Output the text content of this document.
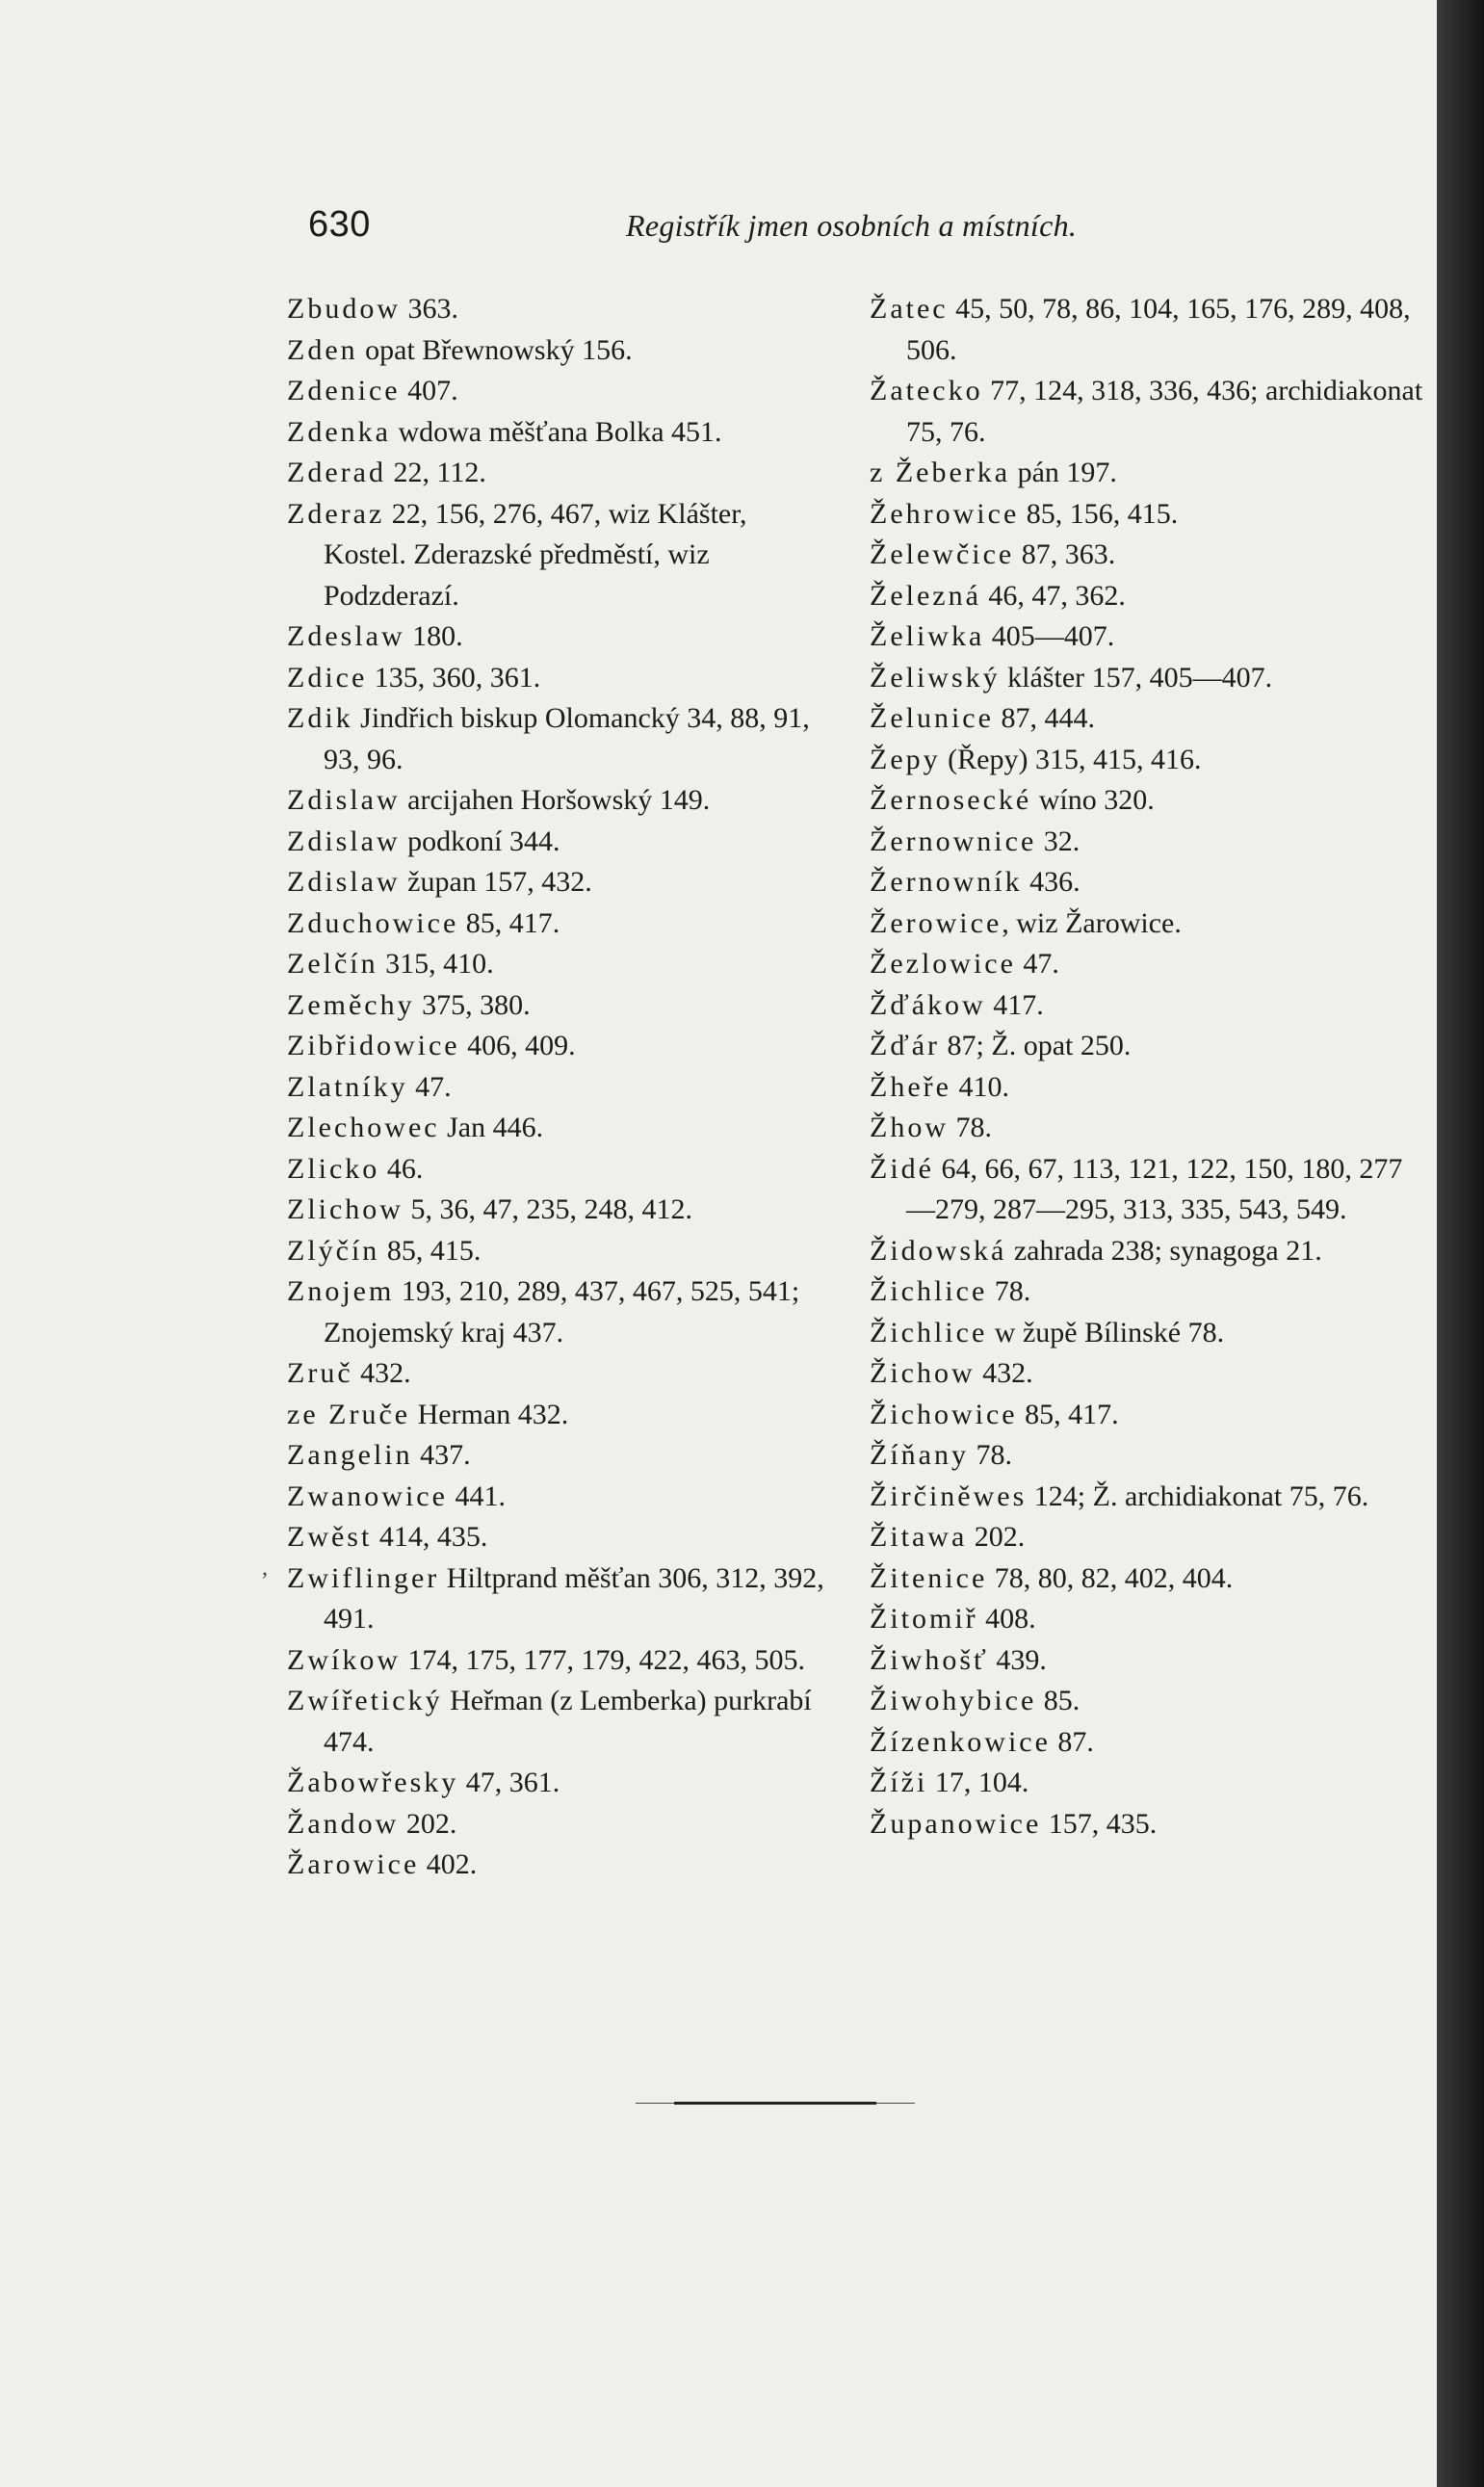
630	Registřík jmen osobních a místních.

Zbudow 363.

Zden opat Břewnowský 156.

Zdenice 407.

Zdenka wdowa měšťana Bolka 451.

Zderad 22, 112.

Zderaz 22, 156, 276, 467, wiz Klášter, Kostel. Zderazské předměstí, wiz Podzderazí.

Zdeslaw 180.

Zdice 135, 360, 361.

Zdik Jindřich biskup Olomancký 34, 88, 91, 93, 96.

Zdislaw arcijahen Horšowský 149.

Zdislaw podkoní 344.

Zdislaw župan 157, 432.

Zduchowice 85, 417.

Zelčín 315, 410.

Zeměchy 375, 380.

Zibřidowice 406, 409.

Zlatníky 47.

Zlechowec Jan 446.

Zlicko 46.

Zlichow 5, 36, 47, 235, 248, 412.

Zlýčín 85, 415.

Znojem 193, 210, 289, 437, 467, 525, 541; Znojemský kraj 437.

Zruč 432.

ze Zruče Herman 432.

Zangelin 437.

Zwanowice 441.

Zwěst 414, 435.

Zwiflinger Hiltprand měšťan 306, 312, 392, 491.

Zwíkow 174, 175, 177, 179, 422, 463, 505.

Zwířetický Heřman (z Lemberka) purkrabí 474.

Žabowřesky 47, 361.

Žandow 202.

Žarowice 402.

Žatec 45, 50, 78, 86, 104, 165, 176, 289, 408, 506.

Žatecko 77, 124, 318, 336, 436; archidiakonat 75, 76.

z Žeberka pán 197.

Žehrowice 85, 156, 415.

Želewčice 87, 363.

Železná 46, 47, 362.

Želiwka 405—407.

Želiwský klášter 157, 405—407.

Želunice 87, 444.

Žepy (Řepy) 315, 415, 416.

Žernosecké wíno 320.

Žernownice 32.

Žernowník 436.

Žerowice, wiz Žarowice.

Žezlowice 47.

Žďákow 417.

Žďár 87; Ž. opat 250.

Žheře 410.

Žhow 78.

Židé 64, 66, 67, 113, 121, 122, 150, 180, 277—279, 287—295, 313, 335, 543, 549.

Židowská zahrada 238; synagoga 21.

Žichlice 78.

Žichlice w župě Bílinské 78.

Žichow 432.

Žichowice 85, 417.

Žíňany 78.

Žirčiněwes 124; Ž. archidiakonat 75, 76.

Žitawa 202.

Žitenice 78, 80, 82, 402, 404.

Žitomiř 408.

Žiwhošť 439.

Žiwohybice 85.

Žízenkowice 87.

Žíži 17, 104.

Županowice 157, 435.

,
